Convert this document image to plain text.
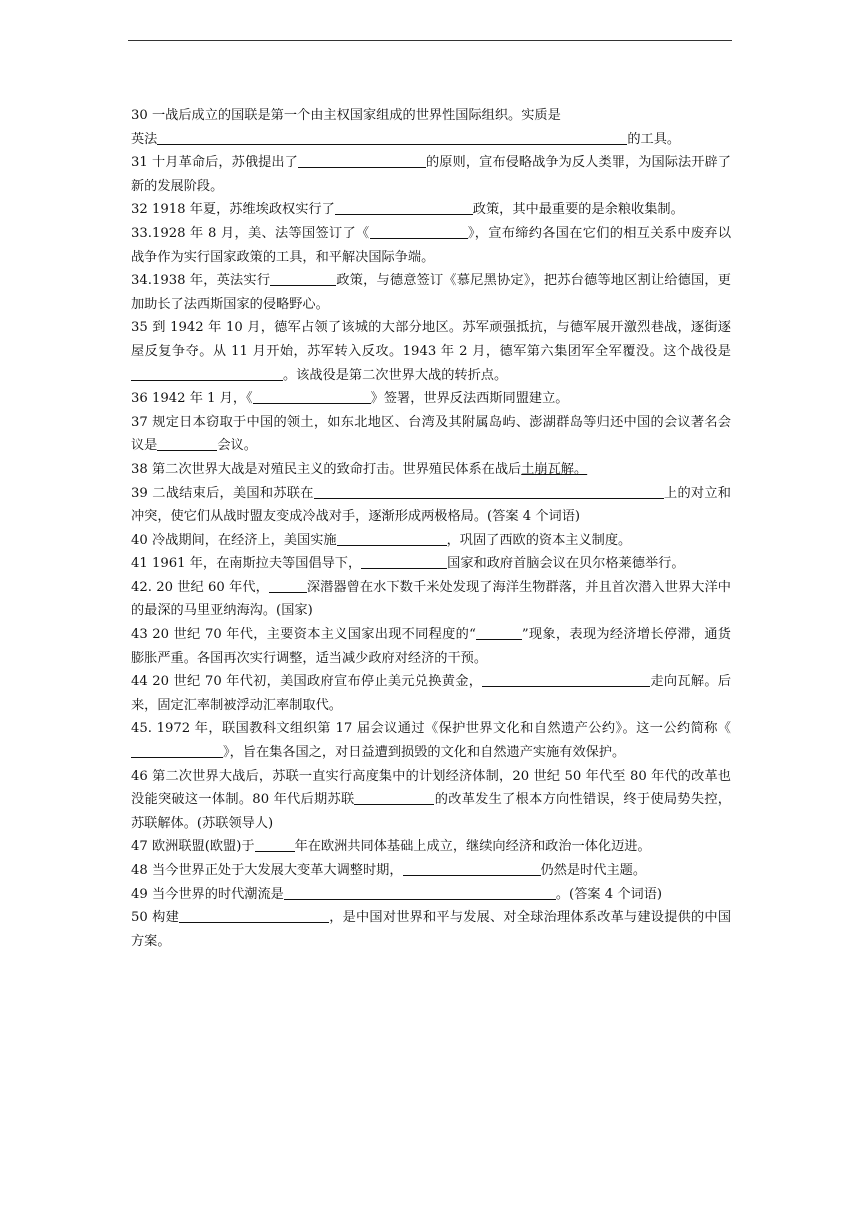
30 一战后成立的国联是第一个由主权国家组成的世界性国际组织。实质是
英法	的工具。

31 十月革命后，苏俄提出了	的原则，宣布侵略战争为反人类罪，为国际法开辟了新的发展阶段。

32 1918 年夏，苏维埃政权实行了	政策，其中最重要的是余粮收集制。

33.1928 年 8 月，美、法等国签订了《	》，宣布缔约各国在它们的相互关系中废弃以战争作为实行国家政策的工具，和平解决国际争端。

34.1938 年，英法实行	政策，与德意签订《慕尼黑协定》，把苏台德等地区割让给德国，更加助长了法西斯国家的侵略野心。

35 到 1942 年 10 月，德军占领了该城的大部分地区。苏军顽强抵抗，与德军展开激烈巷战，逐街逐屋反复争夺。从 11 月开始，苏军转入反攻。1943 年 2 月，德军第六集团军全军覆没。这个战役是。该战役是第二次世界大战的转折点。

36 1942 年 1 月，《	》签署，世界反法西斯同盟建立。

37 规定日本窃取于中国的领土，如东北地区、台湾及其附属岛屿、澎湖群岛等归还中国的会议著名会议是	会议。

38 第二次世界大战是对殖民主义的致命打击。世界殖民体系在战后土崩瓦解。

39 二战结束后，美国和苏联在	上的对立和冲突，使它们从战时盟友变成冷战对手，逐渐形成两极格局。(答案 4 个词语)

40 冷战期间，在经济上，美国实施	，巩固了西欧的资本主义制度。

41 1961 年，在南斯拉夫等国倡导下，	国家和政府首脑会议在贝尔格莱德举行。

42. 20 世纪 60 年代，	深潜器曾在水下数千米处发现了海洋生物群落，并且首次潜入世界大洋中的最深的马里亚纳海沟。(国家)

43 20 世纪 70 年代，主要资本主义国家出现不同程度的“	”现象，表现为经济增长停滞，通货膨胀严重。各国再次实行调整，适当减少政府对经济的干预。

44 20 世纪 70 年代初，美国政府宣布停止美元兑换黄金，	走向瓦解。后来，固定汇率制被浮动汇率制取代。

45. 1972 年，联国教科文组织第 17 届会议通过《保护世界文化和自然遗产公约》。这一公约简称《》，旨在集各国之，对日益遭到损毁的文化和自然遗产实施有效保护。

46 第二次世界大战后，苏联一直实行高度集中的计划经济体制，20 世纪 50 年代至 80 年代的改革也没能突破这一体制。80 年代后期苏联	的改革发生了根本方向性错误，终于使局势失控，苏联解体。(苏联领导人)

47 欧洲联盟(欧盟)于	年在欧洲共同体基础上成立，继续向经济和政治一体化迈进。

48 当今世界正处于大发展大变革大调整时期，	仍然是时代主题。

49 当今世界的时代潮流是	。(答案 4 个词语)

50 构建	，是中国对世界和平与发展、对全球治理体系改革与建设提供的中国方案。
